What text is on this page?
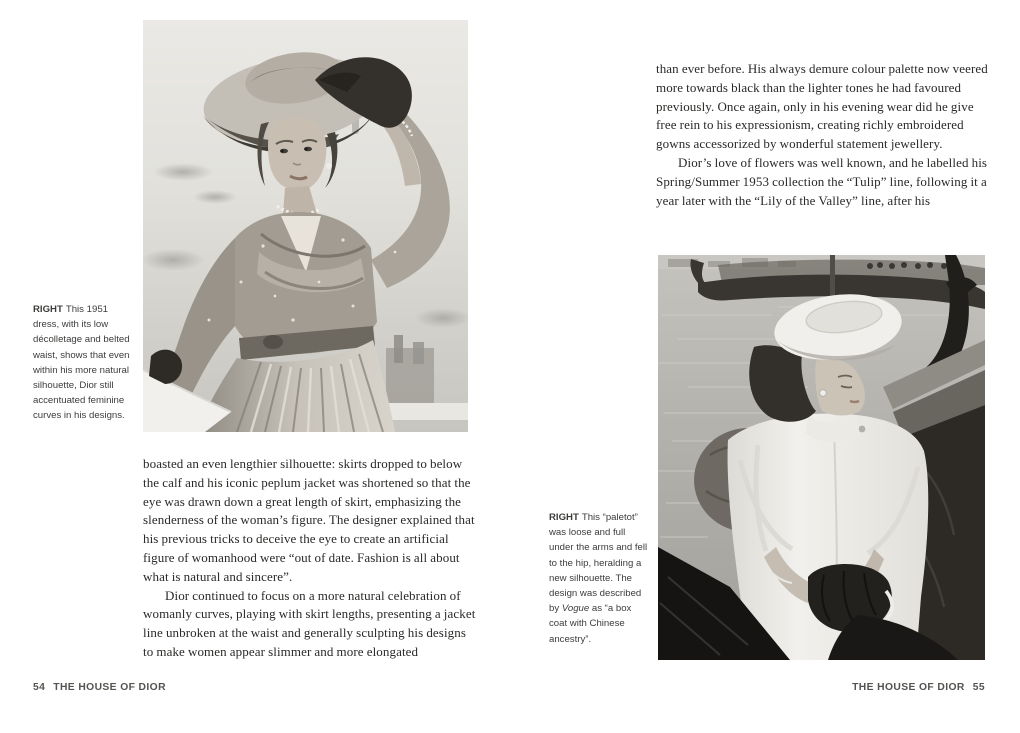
RIGHT This 1951 dress, with its low décolletage and belted waist, shows that even within his more natural silhouette, Dior still accentuated feminine curves in his designs.

boasted an even lengthier silhouette: skirts dropped to below the calf and his iconic peplum jacket was shortened so that the eye was drawn down a great length of skirt, emphasizing the slenderness of the woman’s figure. The designer explained that his previous tricks to deceive the eye to create an artificial figure of womanhood were “out of date. Fashion is all about what is natural and sincere”.

Dior continued to focus on a more natural celebration of womanly curves, playing with skirt lengths, presenting a jacket line unbroken at the waist and generally sculpting his designs to make women appear slimmer and more elongated

54 THE HOUSE OF DIOR

than ever before. His always demure colour palette now veered more towards black than the lighter tones he had favoured previously. Once again, only in his evening wear did he give free rein to his expressionism, creating richly embroidered gowns accessorized by wonderful statement jewellery.

Dior’s love of flowers was well known, and he labelled his Spring/Summer 1953 collection the “Tulip” line, following it a year later with the “Lily of the Valley” line, after his

RIGHT This “paletot” was loose and full under the arms and fell to the hip, heralding a new silhouette. The design was described by Vogue as “a box coat with Chinese ancestry”.
THE HOUSE OF DIOR 55
